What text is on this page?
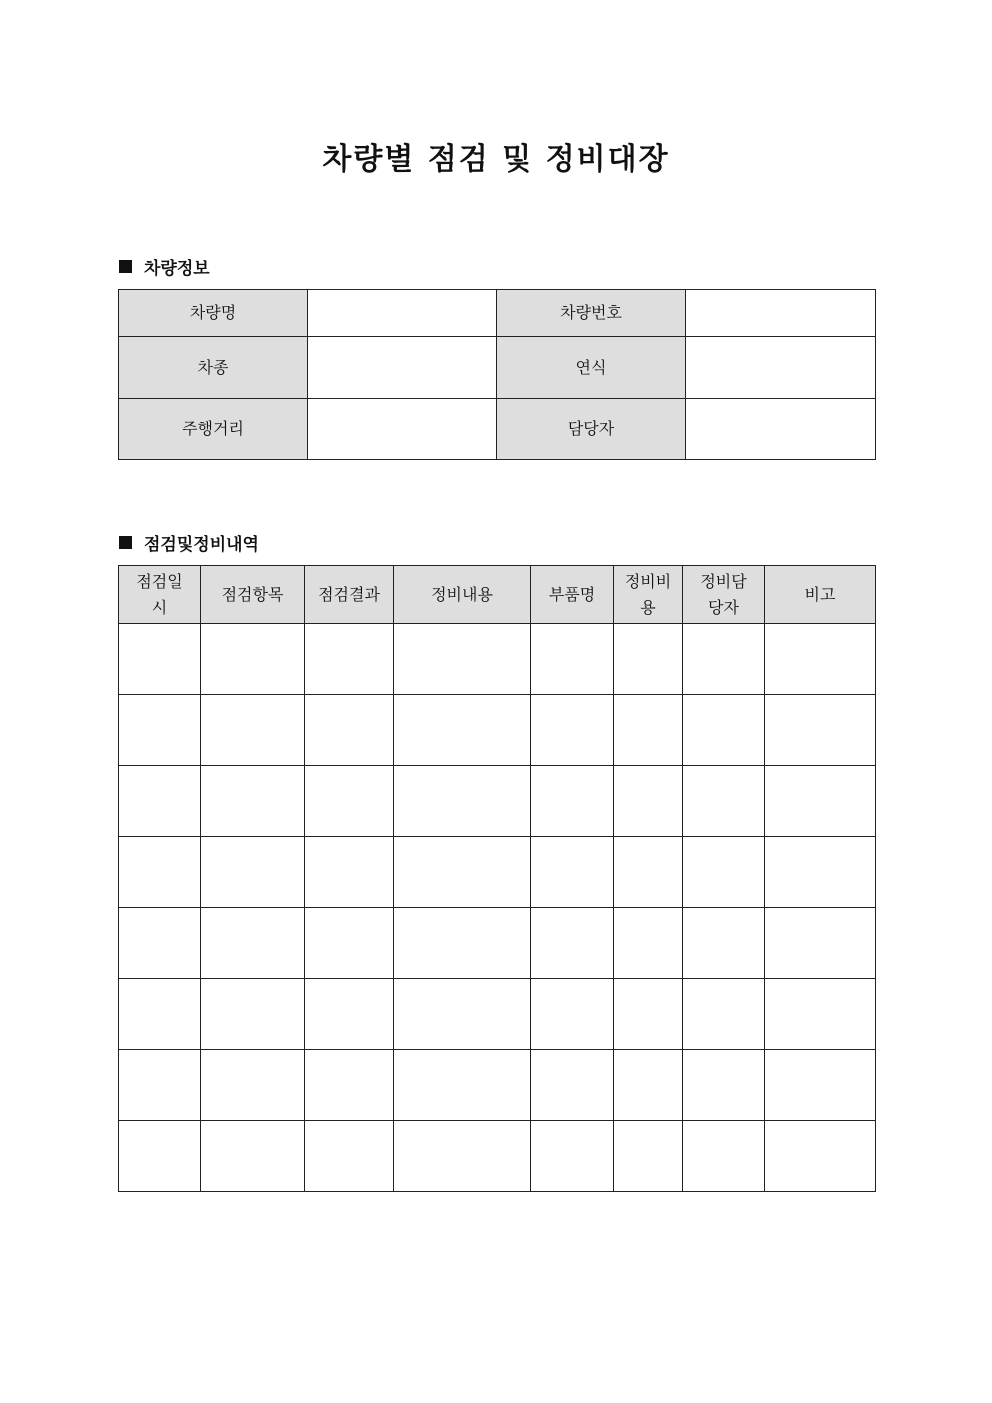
차량별 점검 및 정비대장
차량정보
차량명		차량번호	
차종		연식	
주행거리		담당자	
점검및정비내역
점검일시	점검항목	점검결과	정비내용	부품명	정비비용	정비담당자	비고
